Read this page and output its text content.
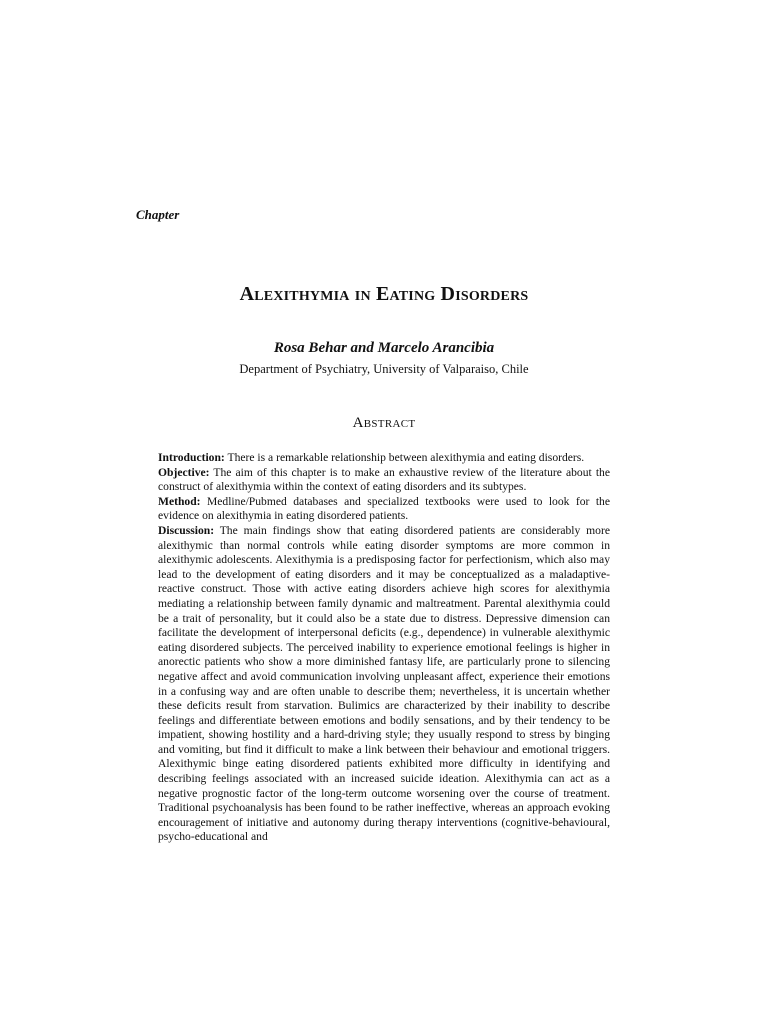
Chapter
Alexithymia in Eating Disorders
Rosa Behar and Marcelo Arancibia
Department of Psychiatry, University of Valparaiso, Chile
Abstract

Introduction: There is a remarkable relationship between alexithymia and eating disorders.

Objective: The aim of this chapter is to make an exhaustive review of the literature about the construct of alexithymia within the context of eating disorders and its subtypes.

Method: Medline/Pubmed databases and specialized textbooks were used to look for the evidence on alexithymia in eating disordered patients.

Discussion: The main findings show that eating disordered patients are considerably more alexithymic than normal controls while eating disorder symptoms are more common in alexithymic adolescents. Alexithymia is a predisposing factor for perfectionism, which also may lead to the development of eating disorders and it may be conceptualized as a maladaptive-reactive construct. Those with active eating disorders achieve high scores for alexithymia mediating a relationship between family dynamic and maltreatment. Parental alexithymia could be a trait of personality, but it could also be a state due to distress. Depressive dimension can facilitate the development of interpersonal deficits (e.g., dependence) in vulnerable alexithymic eating disordered subjects. The perceived inability to experience emotional feelings is higher in anorectic patients who show a more diminished fantasy life, are particularly prone to silencing negative affect and avoid communication involving unpleasant affect, experience their emotions in a confusing way and are often unable to describe them; nevertheless, it is uncertain whether these deficits result from starvation. Bulimics are characterized by their inability to describe feelings and differentiate between emotions and bodily sensations, and by their tendency to be impatient, showing hostility and a hard-driving style; they usually respond to stress by binging and vomiting, but find it difficult to make a link between their behaviour and emotional triggers. Alexithymic binge eating disordered patients exhibited more difficulty in identifying and describing feelings associated with an increased suicide ideation. Alexithymia can act as a negative prognostic factor of the long-term outcome worsening over the course of treatment. Traditional psychoanalysis has been found to be rather ineffective, whereas an approach evoking encouragement of initiative and autonomy during therapy interventions (cognitive-behavioural, psycho-educational and
